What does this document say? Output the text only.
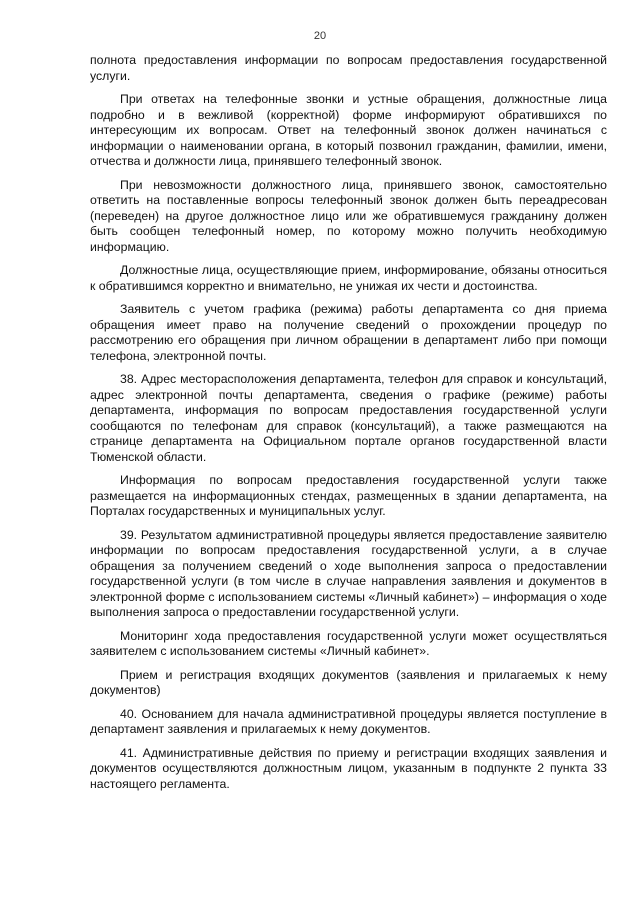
20

полнота предоставления информации по вопросам предоставления государственной услуги.

При ответах на телефонные звонки и устные обращения, должностные лица подробно и в вежливой (корректной) форме информируют обратившихся по интересующим их вопросам. Ответ на телефонный звонок должен начинаться с информации о наименовании органа, в который позвонил гражданин, фамилии, имени, отчества и должности лица, принявшего телефонный звонок.

При невозможности должностного лица, принявшего звонок, самостоятельно ответить на поставленные вопросы телефонный звонок должен быть переадресован (переведен) на другое должностное лицо или же обратившемуся гражданину должен быть сообщен телефонный номер, по которому можно получить необходимую информацию.

Должностные лица, осуществляющие прием, информирование, обязаны относиться к обратившимся корректно и внимательно, не унижая их чести и достоинства.

Заявитель с учетом графика (режима) работы департамента со дня приема обращения имеет право на получение сведений о прохождении процедур по рассмотрению его обращения при личном обращении в департамент либо при помощи телефона, электронной почты.

38. Адрес месторасположения департамента, телефон для справок и консультаций, адрес электронной почты департамента, сведения о графике (режиме) работы департамента, информация по вопросам предоставления государственной услуги сообщаются по телефонам для справок (консультаций), а также размещаются на странице департамента на Официальном портале органов государственной власти Тюменской области.

Информация по вопросам предоставления государственной услуги также размещается на информационных стендах, размещенных в здании департамента, на Порталах государственных и муниципальных услуг.

39. Результатом административной процедуры является предоставление заявителю информации по вопросам предоставления государственной услуги, а в случае обращения за получением сведений о ходе выполнения запроса о предоставлении государственной услуги (в том числе в случае направления заявления и документов в электронной форме с использованием системы «Личный кабинет») – информация о ходе выполнения запроса о предоставлении государственной услуги.

Мониторинг хода предоставления государственной услуги может осуществляться заявителем с использованием системы «Личный кабинет».

Прием и регистрация входящих документов (заявления и прилагаемых к нему документов)

40. Основанием для начала административной процедуры является поступление в департамент заявления и прилагаемых к нему документов.

41. Административные действия по приему и регистрации входящих заявления и документов осуществляются должностным лицом, указанным в подпункте 2 пункта 33 настоящего регламента.
